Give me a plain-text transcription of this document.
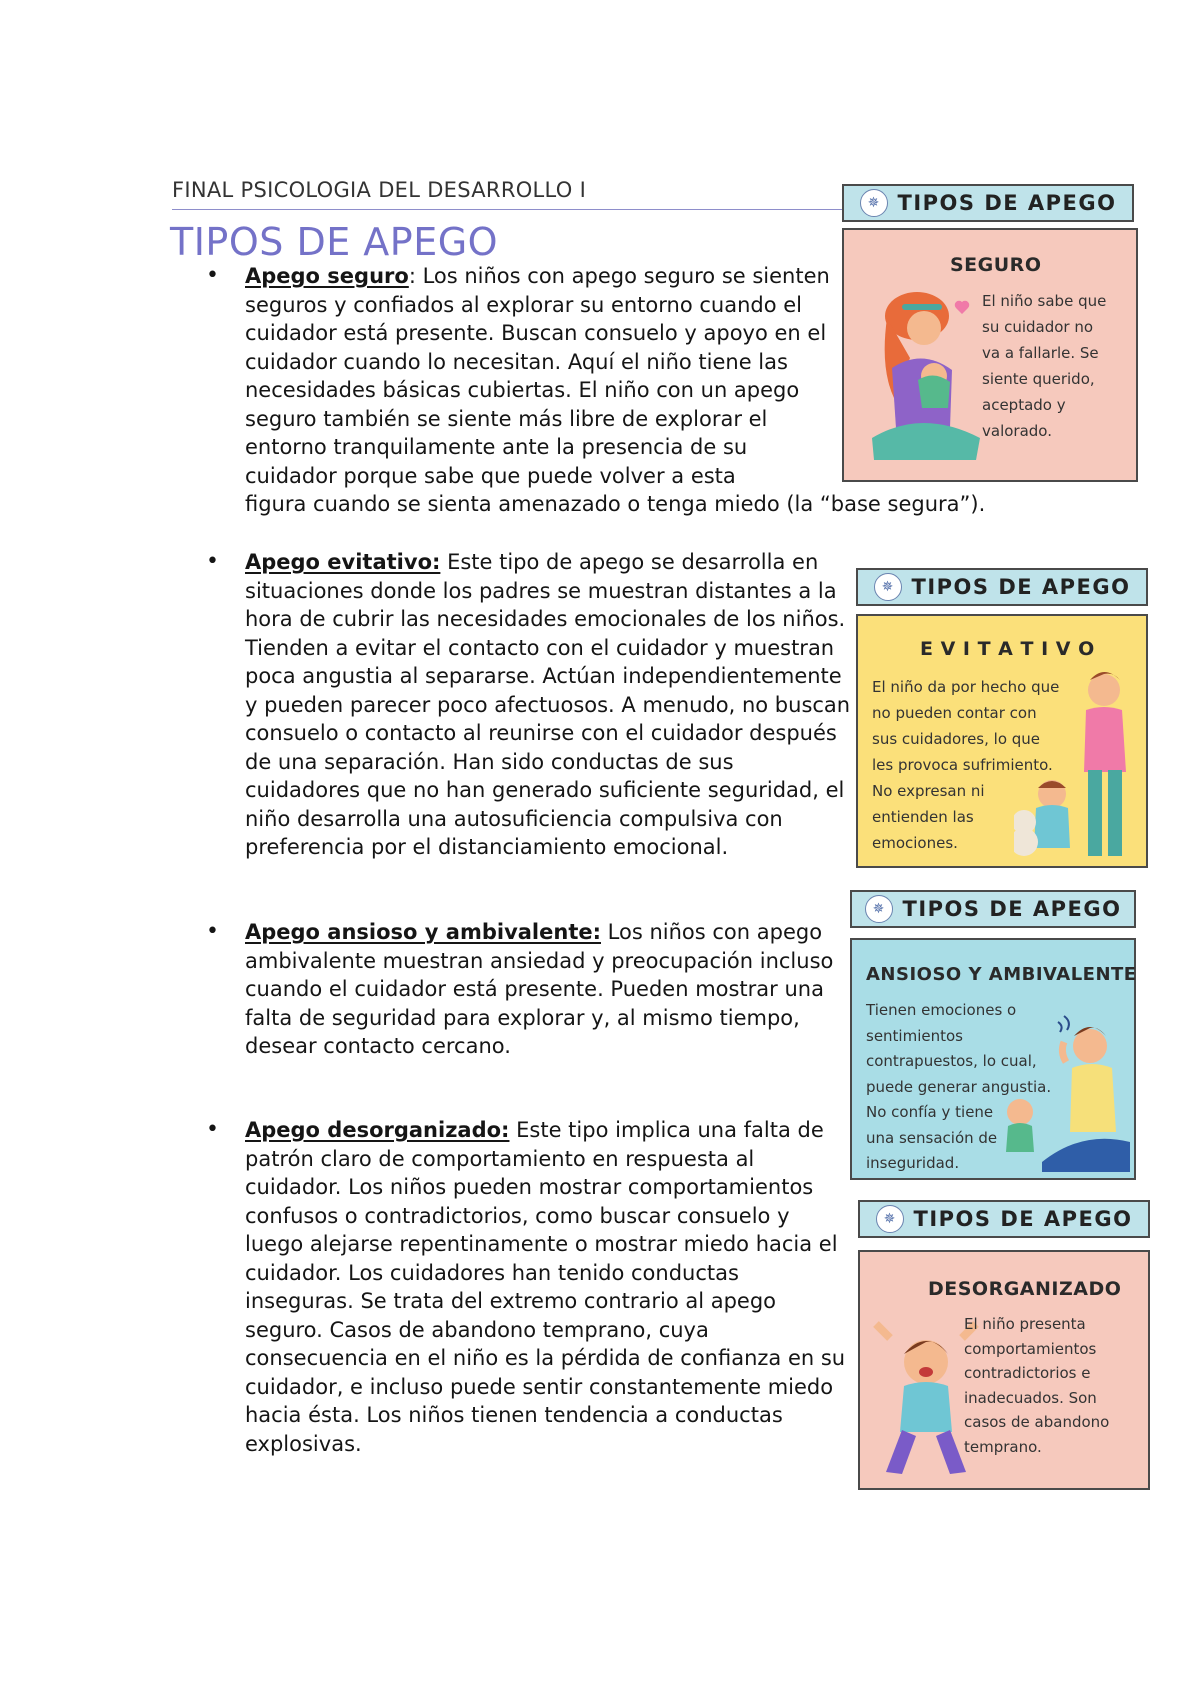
FINAL PSICOLOGIA DEL DESARROLLO I
TIPOS DE APEGO
• Apego seguro: Los niños con apego seguro se sienten seguros y confiados al explorar su entorno cuando el cuidador está presente. Buscan consuelo y apoyo en el cuidador cuando lo necesitan. Aquí el niño tiene las necesidades básicas cubiertas. El niño con un apego seguro también se siente más libre de explorar el entorno tranquilamente ante la presencia de su cuidador porque sabe que puede volver a esta
figura cuando se sienta amenazado o tenga miedo (la “base segura”).
• Apego evitativo: Este tipo de apego se desarrolla en situaciones donde los padres se muestran distantes a la hora de cubrir las necesidades emocionales de los niños. Tienden a evitar el contacto con el cuidador y muestran poca angustia al separarse. Actúan independientemente y pueden parecer poco afectuosos. A menudo, no buscan consuelo o contacto al reunirse con el cuidador después de una separación. Han sido conductas de sus cuidadores que no han generado suficiente seguridad, el niño desarrolla una autosuficiencia compulsiva con preferencia por el distanciamiento emocional.
• Apego ansioso y ambivalente: Los niños con apego ambivalente muestran ansiedad y preocupación incluso cuando el cuidador está presente. Pueden mostrar una falta de seguridad para explorar y, al mismo tiempo, desear contacto cercano.
• Apego desorganizado: Este tipo implica una falta de patrón claro de comportamiento en respuesta al cuidador. Los niños pueden mostrar comportamientos confusos o contradictorios, como buscar consuelo y luego alejarse repentinamente o mostrar miedo hacia el cuidador. Los cuidadores han tenido conductas inseguras. Se trata del extremo contrario al apego seguro. Casos de abandono temprano, cuya consecuencia en el niño es la pérdida de confianza en su cuidador, e incluso puede sentir constantemente miedo hacia ésta. Los niños tienen tendencia a conductas explosivas.
✵ TIPOS DE APEGO
SEGURO
El niño sabe que
su cuidador no
va a fallarle. Se
siente querido,
aceptado y
valorado.
✵ TIPOS DE APEGO
E V I T A T I V O
El niño da por hecho que
no pueden contar con
sus cuidadores, lo que
les provoca sufrimiento.
No expresan ni
entienden las
emociones.
✵ TIPOS DE APEGO
ANSIOSO Y AMBIVALENTE
Tienen emociones o
sentimientos
contrapuestos, lo cual,
puede generar angustia.
No confía y tiene
una sensación de
inseguridad.
✵ TIPOS DE APEGO
DESORGANIZADO
El niño presenta
comportamientos
contradictorios e
inadecuados. Son
casos de abandono
temprano.
